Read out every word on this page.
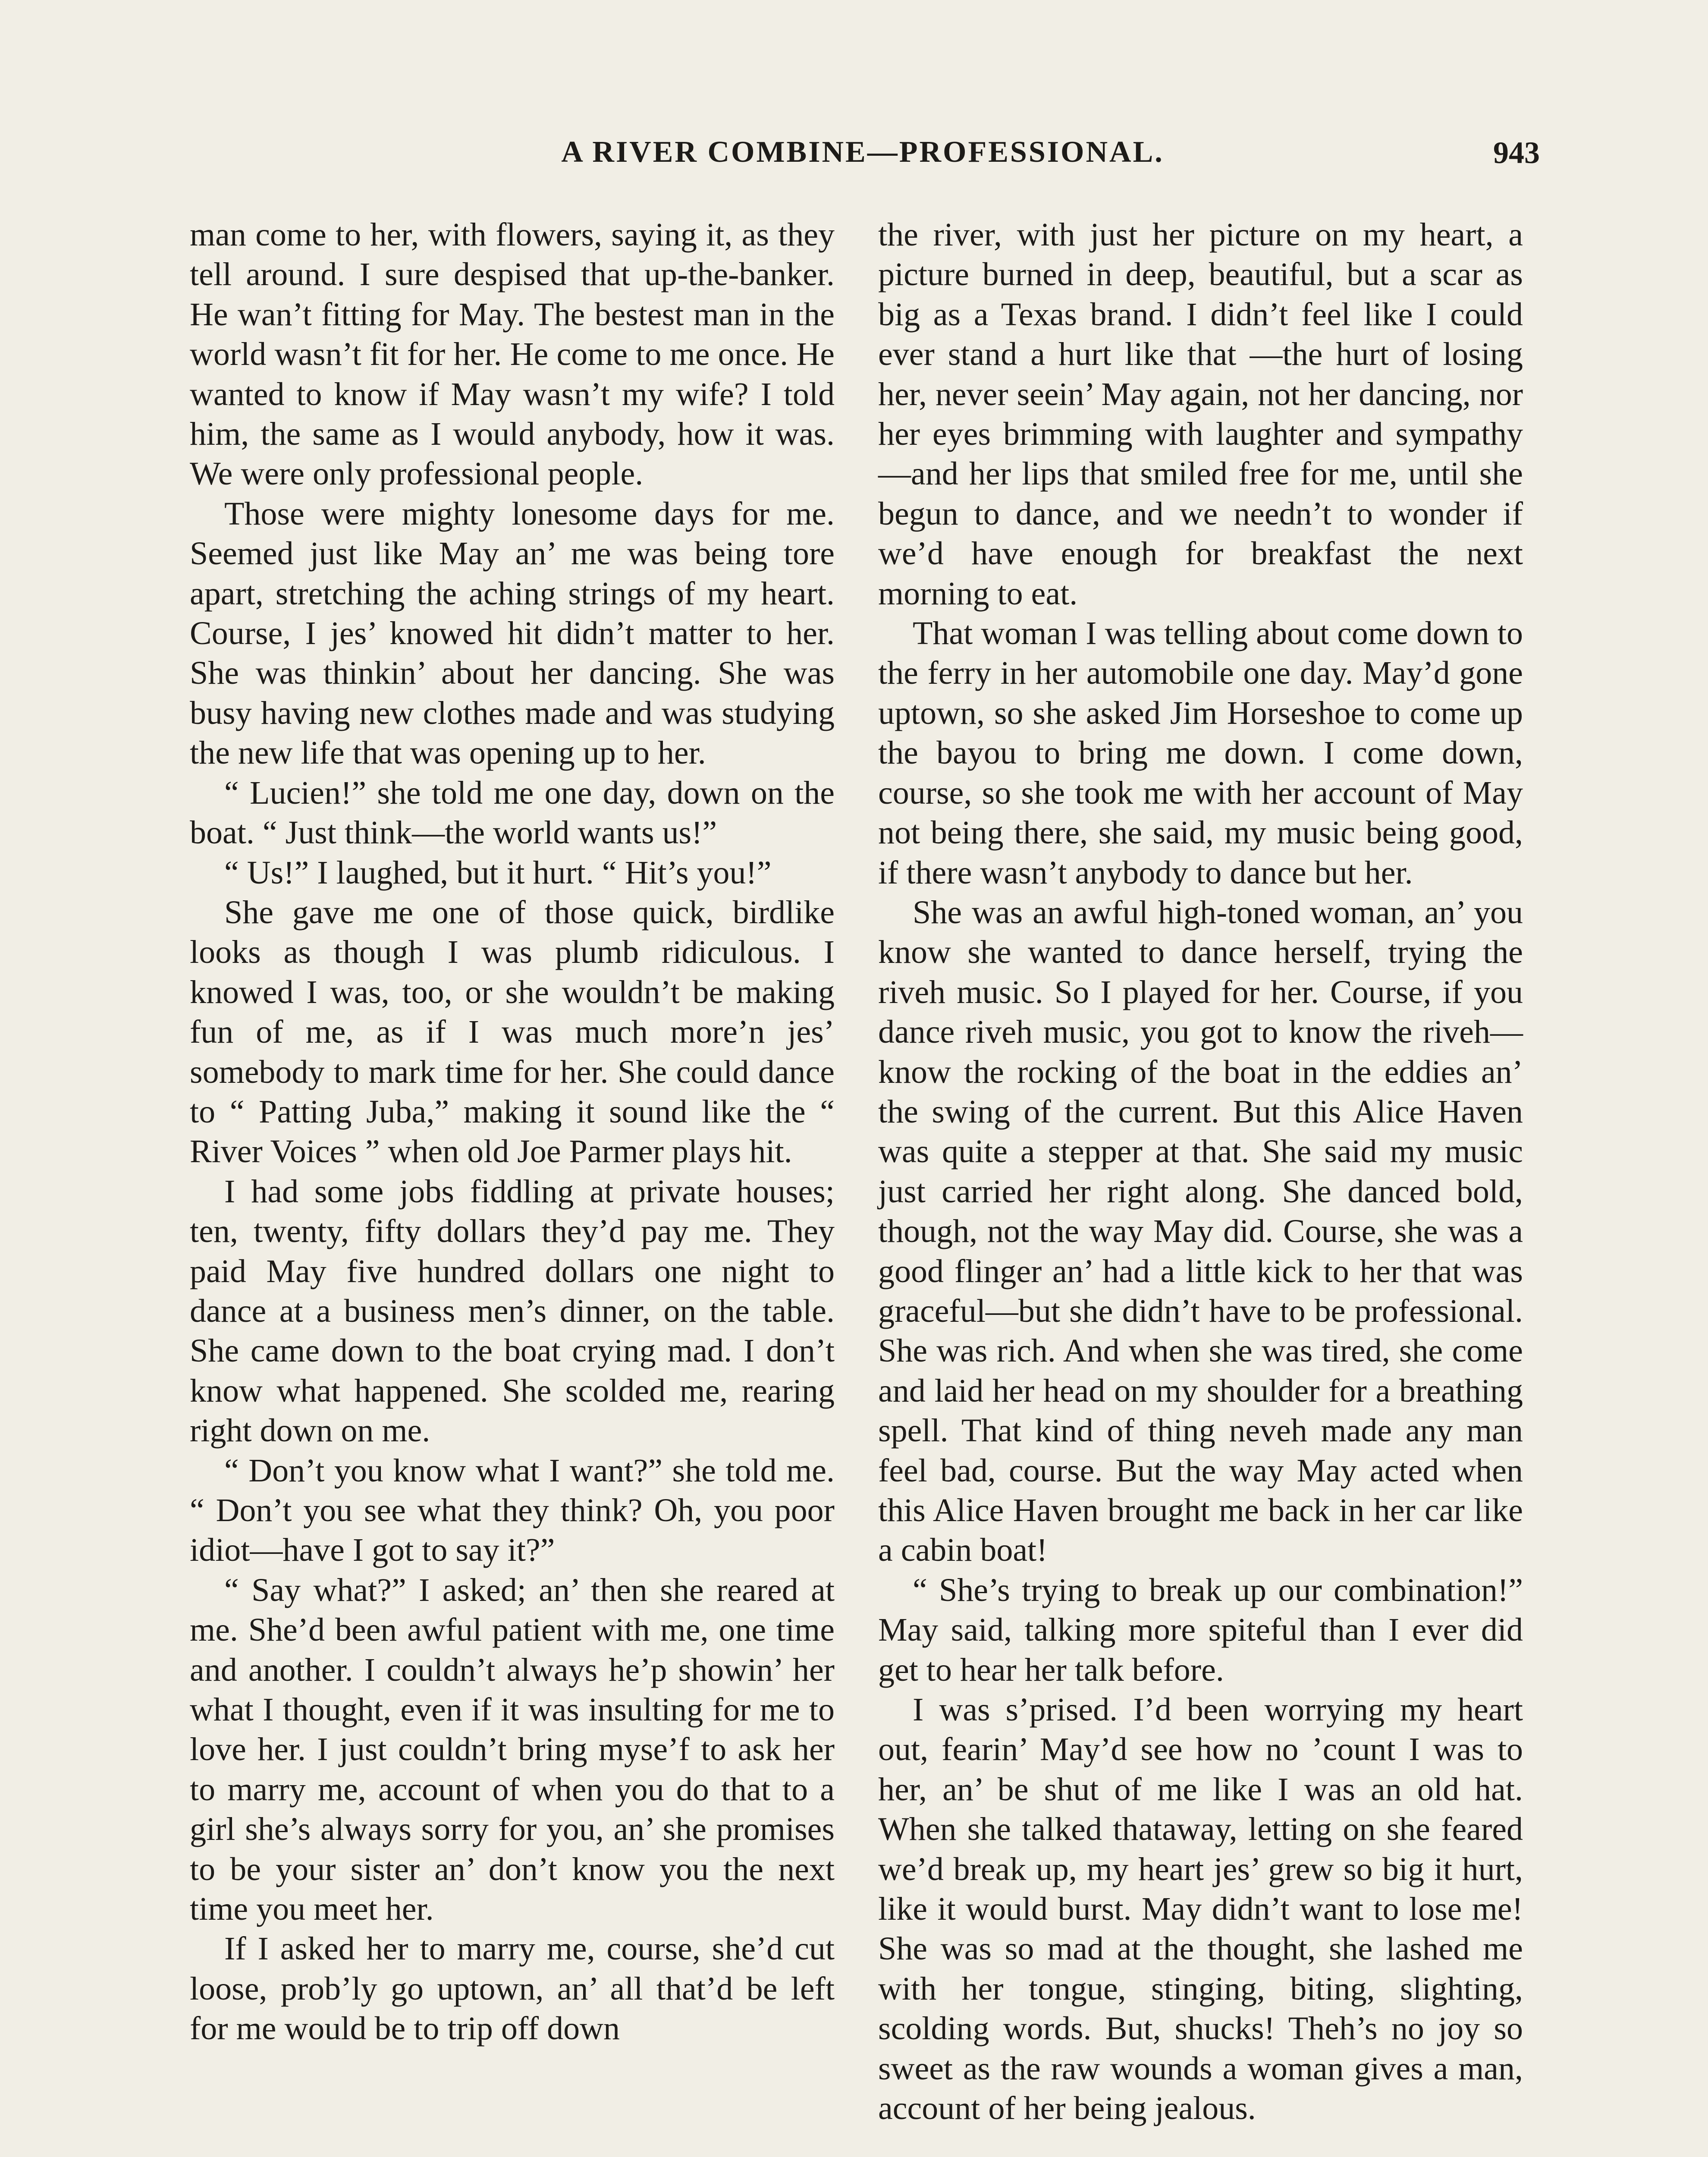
A RIVER COMBINE—PROFESSIONAL.	943

man come to her, with flowers, saying it, as they tell around. I sure despised that up-the-banker. He wan’t fitting for May. The bestest man in the world wasn’t fit for her. He come to me once. He wanted to know if May wasn’t my wife? I told him, the same as I would anybody, how it was. We were only professional people.

Those were mighty lonesome days for me. Seemed just like May an’ me was being tore apart, stretching the aching strings of my heart. Course, I jes’ knowed hit didn’t matter to her. She was thinkin’ about her dancing. She was busy having new clothes made and was studying the new life that was opening up to her.

“ Lucien!” she told me one day, down on the boat. “ Just think—the world wants us!”

“ Us!” I laughed, but it hurt. “ Hit’s you!”

She gave me one of those quick, birdlike looks as though I was plumb ridiculous. I knowed I was, too, or she wouldn’t be making fun of me, as if I was much more’n jes’ somebody to mark time for her. She could dance to “ Patting Juba,” making it sound like the “ River Voices ” when old Joe Parmer plays hit.

I had some jobs fiddling at private houses; ten, twenty, fifty dollars they’d pay me. They paid May five hundred dollars one night to dance at a business men’s dinner, on the table. She came down to the boat crying mad. I don’t know what happened. She scolded me, rearing right down on me.

“ Don’t you know what I want?” she told me. “ Don’t you see what they think? Oh, you poor idiot—have I got to say it?”

“ Say what?” I asked; an’ then she reared at me. She’d been awful patient with me, one time and another. I couldn’t always he’p showin’ her what I thought, even if it was insulting for me to love her. I just couldn’t bring myse’f to ask her to marry me, account of when you do that to a girl she’s always sorry for you, an’ she promises to be your sister an’ don’t know you the next time you meet her.

If I asked her to marry me, course, she’d cut loose, prob’ly go uptown, an’ all that’d be left for me would be to trip off down

the river, with just her picture on my heart, a picture burned in deep, beautiful, but a scar as big as a Texas brand. I didn’t feel like I could ever stand a hurt like that —the hurt of losing her, never seein’ May again, not her dancing, nor her eyes brimming with laughter and sympathy—and her lips that smiled free for me, until she begun to dance, and we needn’t to wonder if we’d have enough for breakfast the next morning to eat.

That woman I was telling about come down to the ferry in her automobile one day. May’d gone uptown, so she asked Jim Horseshoe to come up the bayou to bring me down. I come down, course, so she took me with her account of May not being there, she said, my music being good, if there wasn’t anybody to dance but her.

She was an awful high-toned woman, an’ you know she wanted to dance herself, trying the riveh music. So I played for her. Course, if you dance riveh music, you got to know the riveh—know the rocking of the boat in the eddies an’ the swing of the current. But this Alice Haven was quite a stepper at that. She said my music just carried her right along. She danced bold, though, not the way May did. Course, she was a good flinger an’ had a little kick to her that was graceful—but she didn’t have to be professional. She was rich. And when she was tired, she come and laid her head on my shoulder for a breathing spell. That kind of thing neveh made any man feel bad, course. But the way May acted when this Alice Haven brought me back in her car like a cabin boat!

“ She’s trying to break up our combination!” May said, talking more spiteful than I ever did get to hear her talk before.

I was s’prised. I’d been worrying my heart out, fearin’ May’d see how no ’count I was to her, an’ be shut of me like I was an old hat. When she talked thataway, letting on she feared we’d break up, my heart jes’ grew so big it hurt, like it would burst. May didn’t want to lose me! She was so mad at the thought, she lashed me with her tongue, stinging, biting, slighting, scolding words. But, shucks! Theh’s no joy so sweet as the raw wounds a woman gives a man, account of her being jealous.
